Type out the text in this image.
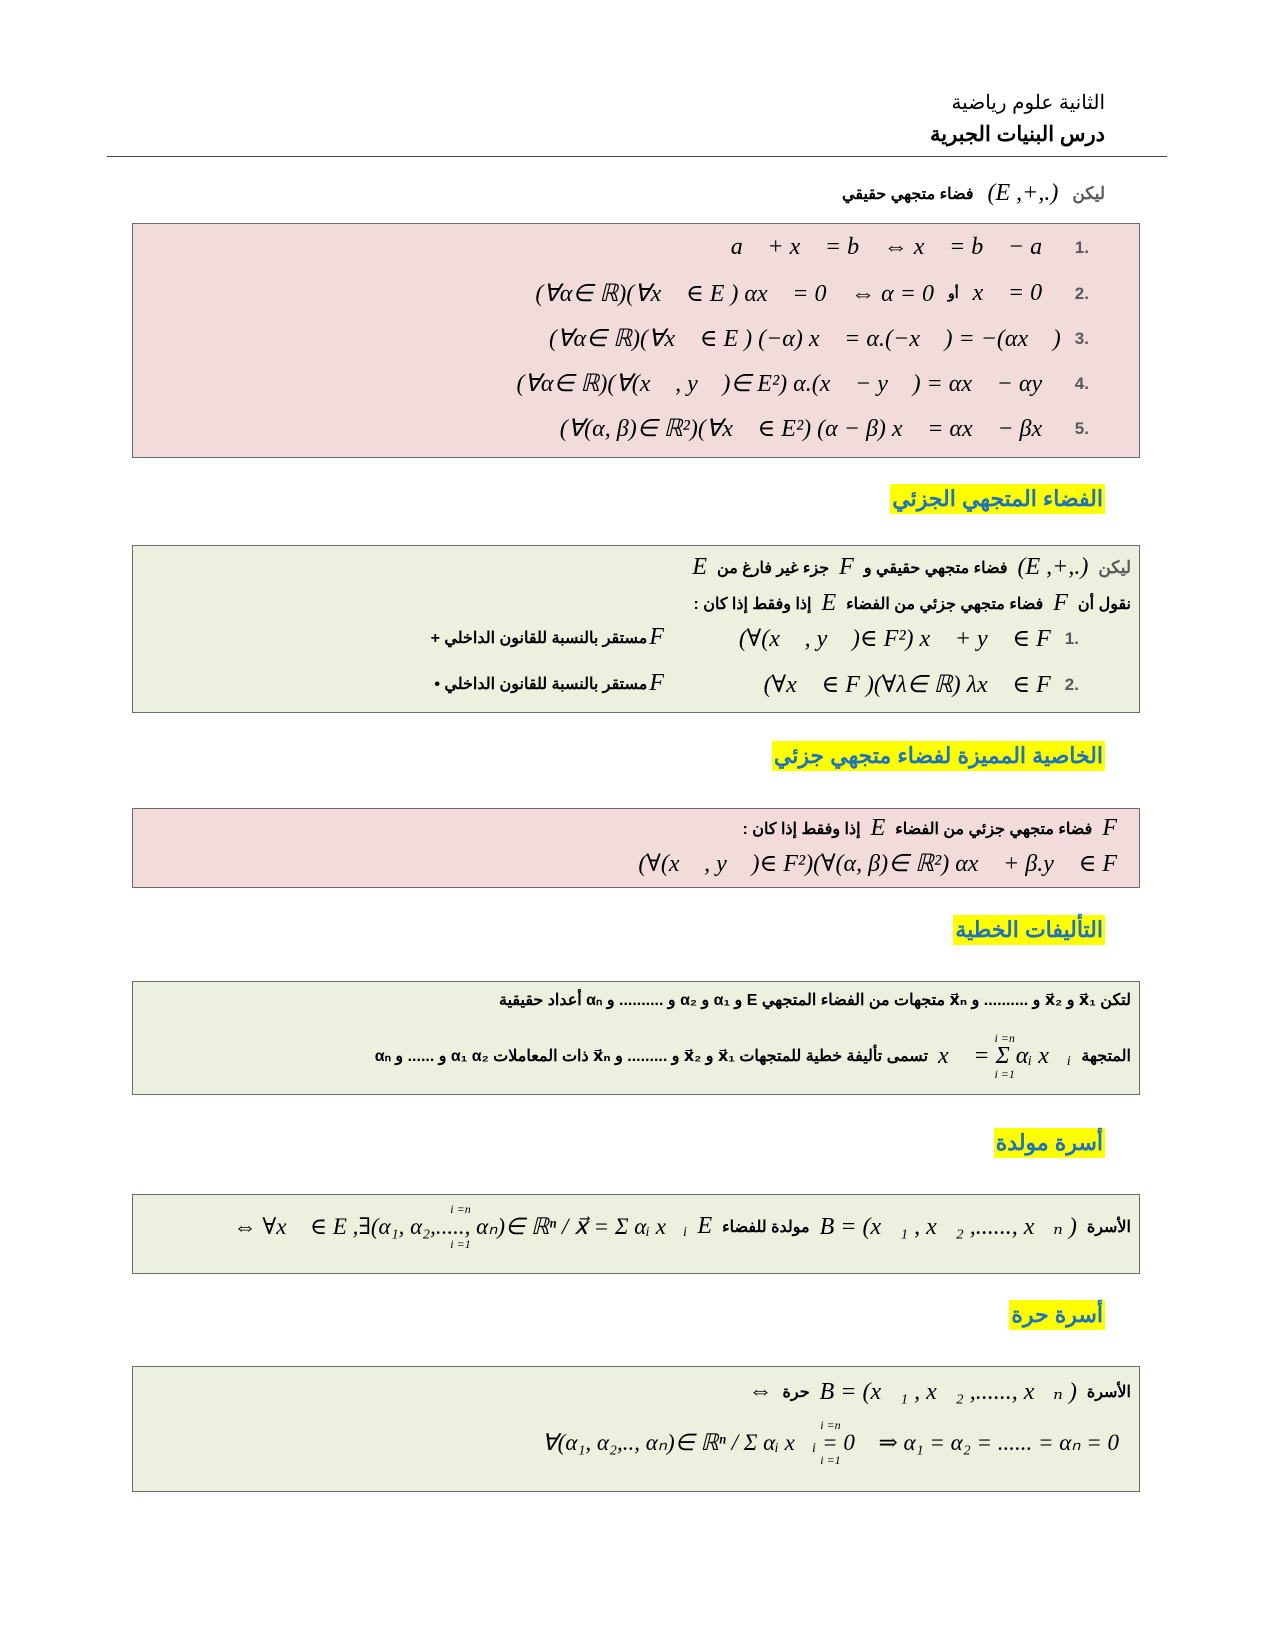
الثانية علوم رياضية
درس البنيات الجبرية
ليكن
(E ,+,.)
فضاء متجهي حقيقي
.1
a⃗ + x⃗ = b⃗ ⇔ x⃗ = b⃗ − a⃗
.2
x⃗ = 0⃗
أو
(∀α∈ ℝ)(∀x⃗ ∈ E ) αx⃗ = 0⃗ ⇔ α = 0
.3
(∀α∈ ℝ)(∀x⃗ ∈ E ) (−α) x⃗ = α.(−x⃗ ) = −(αx⃗ )
.4
(∀α∈ ℝ)(∀(x⃗ , y⃗ )∈ E²) α.(x⃗ − y⃗ ) = αx⃗ − αy⃗
.5
(∀(α, β)∈ ℝ²)(∀x⃗ ∈ E²) (α − β) x⃗ = αx⃗ − βx⃗
الفضاء المتجهي الجزئي
ليكن
(E ,+,.)
فضاء متجهي حقيقي و
F
جزء غير فارغ من
E
نقول أن
F
فضاء متجهي جزئي من الفضاء
E
إذا وفقط إذا كان :
.1
(∀(x⃗ , y⃗ )∈ F²) x⃗ + y⃗ ∈ F
F
مستقر بالنسبة للقانون الداخلي +
.2
(∀x⃗ ∈ F )(∀λ∈ ℝ) λx⃗ ∈ F
F
مستقر بالنسبة للقانون الداخلي •
الخاصية المميزة لفضاء متجهي جزئي
F
فضاء متجهي جزئي من الفضاء
E
إذا وفقط إذا كان :
(∀(x⃗ , y⃗ )∈ F²)(∀(α, β)∈ ℝ²) αx⃗ + β.y⃗ ∈ F
التأليفات الخطية
لتكن x⃗₁ و x⃗₂ و .......... و x⃗ₙ متجهات من الفضاء المتجهي E و α₁ و α₂ و .......... و αₙ أعداد حقيقية
المتجهة
i =n
x⃗ = Σ αᵢ x⃗ᵢ
i =1
تسمى تأليفة خطية للمتجهات x⃗₁ و x⃗₂ و ......... و x⃗ₙ ذات المعاملات α₁ α₂ و ...... و αₙ
أسرة مولدة
الأسرة
B = (x⃗₁ , x⃗₂ ,......, x⃗ₙ )
مولدة للفضاء
E
i =n
⇔ ∀x⃗ ∈ E ,∃(α₁, α₂,....., αₙ)∈ ℝⁿ / x⃗ = Σ αᵢ x⃗ᵢ
i =1
أسرة حرة
الأسرة
B = (x⃗₁ , x⃗₂ ,......, x⃗ₙ )
حرة
⇔
i =n
∀(α₁, α₂,.., αₙ)∈ ℝⁿ / Σ αᵢ x⃗ᵢ = 0⃗ ⇒ α₁ = α₂ = ...... = αₙ = 0
i =1
